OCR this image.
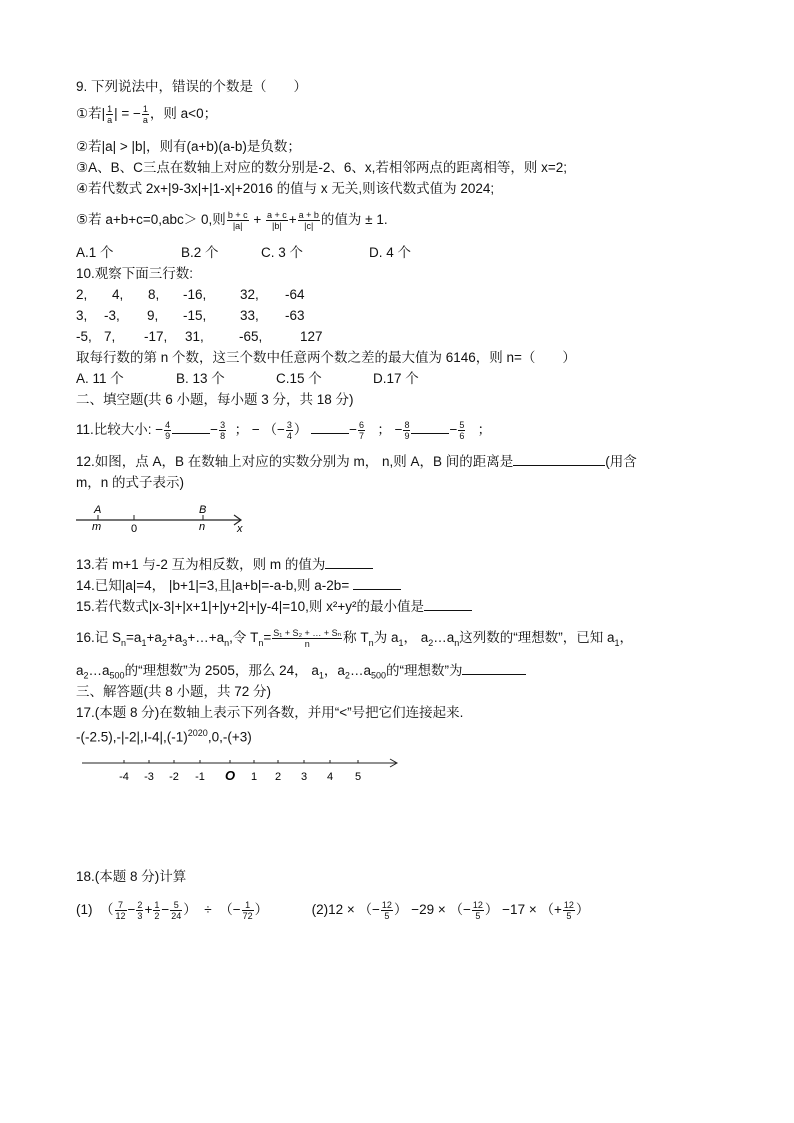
9. 下列说法中，错误的个数是（　　）
①若| $\frac{1}{a}$ | = − $\frac{1}{a}$ ，则 a<0；
②若|a| > |b|，则有(a+b)(a-b)是负数；
③A、B、C三点在数轴上对应的数分别是-2、6、x,若相邻两点的距离相等，则 x=2;
④若代数式 2x+|9-3x|+|1-x|+2016 的值与 x 无关,则该代数式值为 2024;
⑤若 a+b+c=0,abc＞ 0,则 $\frac{b + c}{|a|} + \frac{a + c}{|b|} + \frac{a + b}{|c|}$ 的值为 ± 1.
A.1 个	B.2 个	C. 3 个	D. 4 个
10.观察下面三行数:
2, 4, 8, -16, 32, -64
3, -3, 9, -15, 33, -63
-5, 7, -17, 31,	-65,	127
取每行数的第 n 个数，这三个数中任意两个数之差的最大值为 6146，则 n=（　　）
A. 11 个	B. 13 个	C.15 个	D.17 个
二、填空题(共 6 小题，每小题 3 分，共 18 分)
11.比较大小: − $\frac{4}{9}$	− $\frac{3}{8}$ ； − （− $\frac{3}{4}$ ）	− $\frac{6}{7}$ ； − $\frac{8}{9}$	− $\frac{5}{6}$ ；
12.如图，点 A，B 在数轴上对应的实数分别为 m， n,则 A，B 间的距离是	(用含
m，n 的式子表示)
A
m	0
B
n	x
13.若 m+1 与-2 互为相反数，则 m 的值为
14.已知|a|=4， |b+1|=3,且|a+b|=-a-b,则 a-2b=
15.若代数式|x-3|+|x+1|+|y+2|+|y-4|=10,则 x²+y²的最小值是
16.记 $S_n=a_1+a_2+a_3+\dots+a_n$,令 $T_n= \frac{\text{S₁ + S₂ + … + Sₙ}}{n}$ 称 $T_n$为 $a_1$， $a_2\dots a_n$这列数的“理想数”，已知 $a_1$，
$a_2\dots a_{500}$的“理想数”为 2505，那么 24， $a_1$，$a_2\dots a_{500}$的“理想数”为
三、解答题(共 8 小题，共 72 分)
17.(本题 8 分)在数轴上表示下列各数，并用“<”号把它们连接起来.
$-(-2.5),-|-2|,I-4|,(-1)^{2020},0,-(+3)$
-4 -3 -2 -1 O 1 2 3 4 5
18.(本题 8 分)计算
(1) （ $\frac{7}{12} - \frac{2}{3} + \frac{1}{2} - \frac{5}{24}$ ） ÷  （− $\frac{1}{72}$ ）	(2)12 × （− $\frac{12}{5}$ ） −29 × （− $\frac{12}{5}$ ） −17 × （+ $\frac{12}{5}$ ）
